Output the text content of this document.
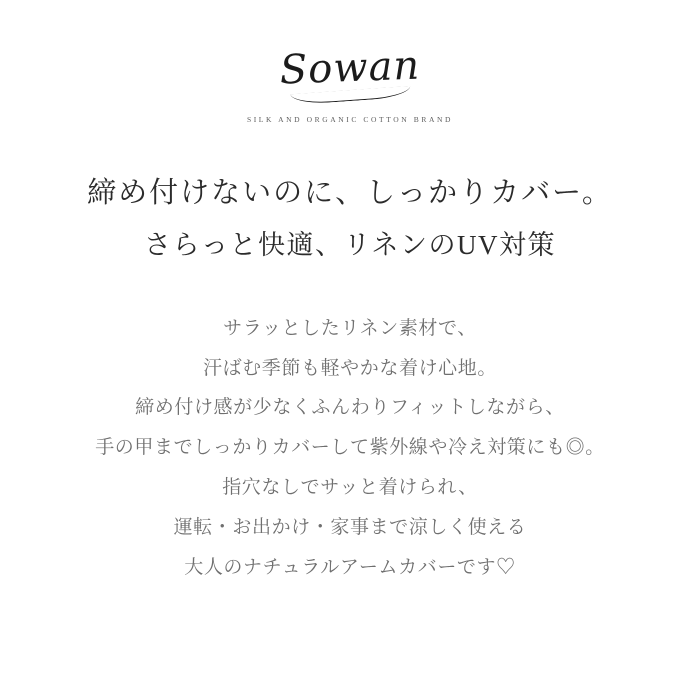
Sowan
SILK AND ORGANIC COTTON BRAND
締め付けないのに、しっかりカバー。
さらっと快適、リネンのUV対策
サラッとしたリネン素材で、
汗ばむ季節も軽やかな着け心地。
締め付け感が少なくふんわりフィットしながら、
手の甲までしっかりカバーして紫外線や冷え対策にも◎。
指穴なしでサッと着けられ、
運転・お出かけ・家事まで涼しく使える
大人のナチュラルアームカバーです♡
